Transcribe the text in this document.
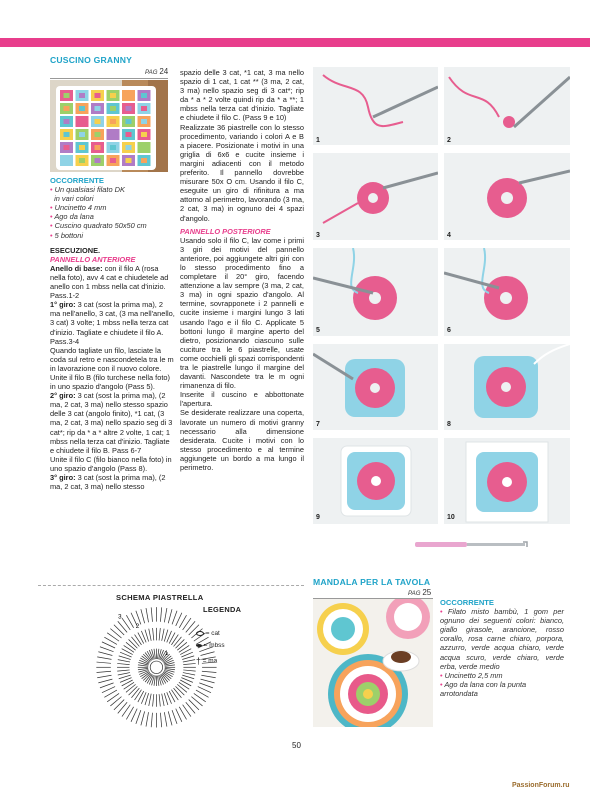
CUSCINO GRANNY
PAG 24
OCCORRENTE
• Un qualsiasi filato DK
in vari colori
• Uncinetto 4 mm
• Ago da lana
• Cuscino quadrato 50x50 cm
• 5 bottoni
ESECUZIONE.
PANNELLO ANTERIORE

Anello di base: con il filo A (rosa nella foto), avv 4 cat e chiudetele ad anello con 1 mbss nella cat d'inizio. Pass.1-2

1° giro: 3 cat (sost la prima ma), 2 ma nell'anello, 3 cat, (3 ma nell'anello, 3 cat) 3 volte; 1 mbss nella terza cat d'inizio. Tagliate e chiudete il filo A. Pass.3-4

Quando tagliate un filo, lasciate la coda sul retro e nascondetela tra le m in lavorazione con il nuovo colore.

Unite il filo B (filo turchese nella foto) in uno spazio d'angolo (Pass 5).

2° giro: 3 cat (sost la prima ma), (2 ma, 2 cat, 3 ma) nello stesso spazio delle 3 cat (angolo finito), *1 cat, (3 ma, 2 cat, 3 ma) nello spazio seg di 3 cat*; rip da * a * altre 2 volte, 1 cat; 1 mbss nella terza cat d'inizio. Tagliate e chiudete il filo B. Pass 6-7

Unite il filo C (filo bianco nella foto) in uno spazio d'angolo (Pass 8).

3° giro: 3 cat (sost la prima ma), (2 ma, 2 cat, 3 ma) nello stesso

spazio delle 3 cat, *1 cat, 3 ma nello spazio di 1 cat, 1 cat ** (3 ma, 2 cat, 3 ma) nello spazio seg di 3 cat*; rip da * a * 2 volte quindi rip da * a **; 1 mbss nella terza cat d'inizio. Tagliate e chiudete il filo C. (Pass 9 e 10)

Realizzate 36 piastrelle con lo stesso procedimento, variando i colori A e B a piacere. Posizionate i motivi in una griglia di 6x6 e cucite insieme i margini adiacenti con il metodo preferito. Il pannello dovrebbe misurare 50x O cm. Usando il filo C, eseguite un giro di rifinitura a ma attorno al perimetro, lavorando (3 ma, 2 cat, 3 ma) in ognuno dei 4 spazi d'angolo.

PANNELLO POSTERIORE

Usando solo il filo C, lav come i primi 3 giri dei motivi del pannello anteriore, poi aggiungete altri giri con lo stesso procedimento fino a completare il 20° giro, facendo attenzione a lav sempre (3 ma, 2 cat, 3 ma) in ogni spazio d'angolo. Al termine, sovrapponete i 2 pannelli e cucite insieme i margini lungo 3 lati usando l'ago e il filo C. Applicate 5 bottoni lungo il margine aperto del dietro, posizionando ciascuno sulle cuciture tra le 6 piastrelle, usate come occhielli gli spazi corrispondenti tra le piastrelle lungo il margine del davanti. Nascondete tra le m ogni rimanenza di filo.

Inserite il cuscino e abbottonate l'apertura.

Se desiderate realizzare una coperta, lavorate un numero di motivi granny necessario alla dimensione desiderata. Cucite i motivi con lo stesso procedimento e al termine aggiungete un bordo a ma lungo il perimetro.

1	2
3	4
5	6
7	8
9	10
SCHEMA PIASTRELLA
3
2
1
LEGENDA
= cat
= mbss
† = ma
MANDALA PER LA TAVOLA
PAG 25
OCCORRENTE
• Filato misto bambù, 1 gom per ognuno dei seguenti colori: bianco, giallo girasole, arancione, rosso corallo, rosa carne chiaro, porpora, azzurro, verde acqua chiaro, verde acqua scuro, verde chiaro, verde erba, verde medio
• Uncinetto 2,5 mm
• Ago da lana con la punta arrotondata
50
PassionForum.ru
